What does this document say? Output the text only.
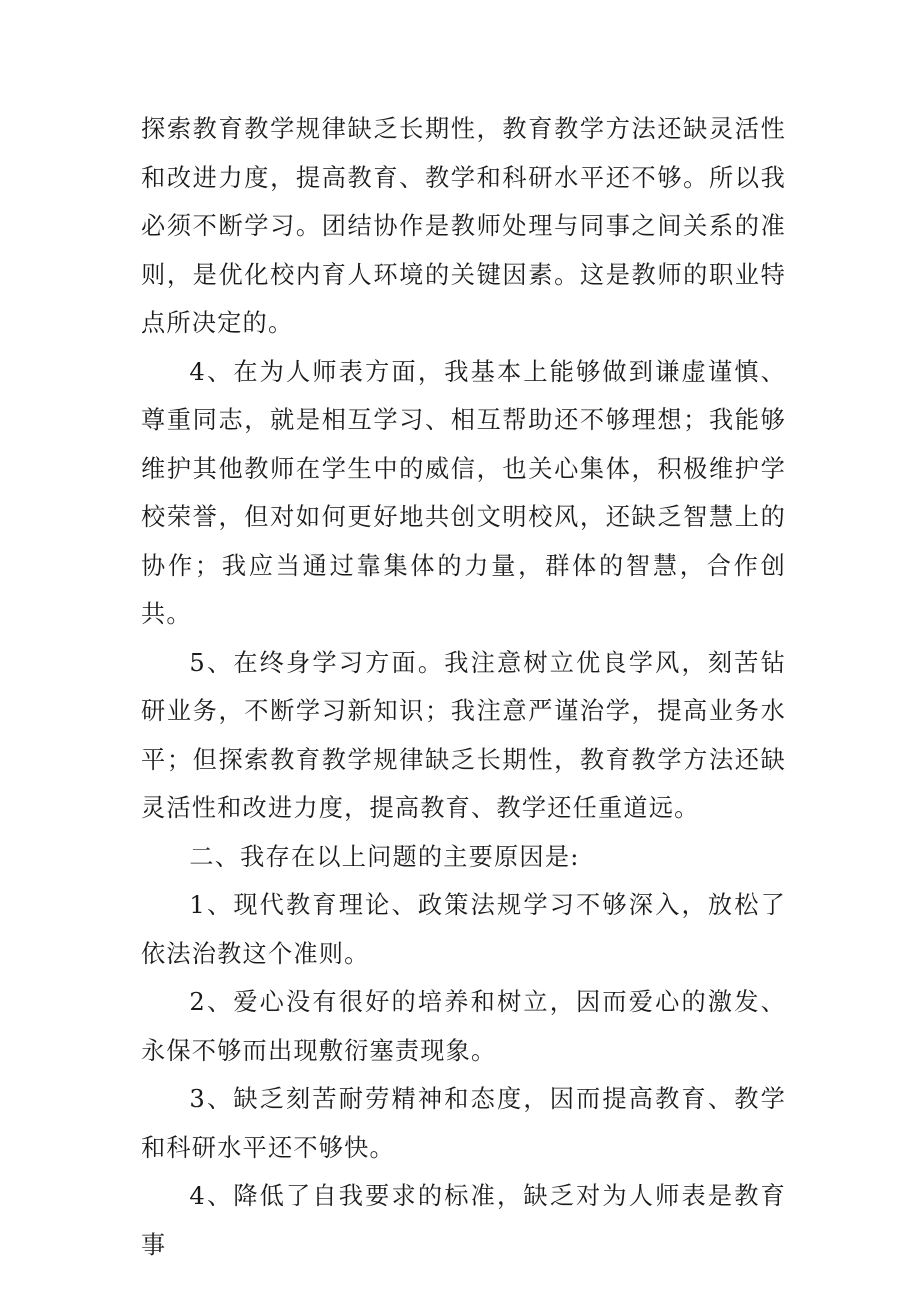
探索教育教学规律缺乏长期性，教育教学方法还缺灵活性和改进力度，提高教育、教学和科研水平还不够。所以我必须不断学习。团结协作是教师处理与同事之间关系的准则，是优化校内育人环境的关键因素。这是教师的职业特点所决定的。

4、在为人师表方面，我基本上能够做到谦虚谨慎、尊重同志，就是相互学习、相互帮助还不够理想；我能够维护其他教师在学生中的威信，也关心集体，积极维护学校荣誉，但对如何更好地共创文明校风，还缺乏智慧上的协作；我应当通过靠集体的力量，群体的智慧，合作创共。

5、在终身学习方面。我注意树立优良学风，刻苦钻研业务，不断学习新知识；我注意严谨治学，提高业务水平；但探索教育教学规律缺乏长期性，教育教学方法还缺灵活性和改进力度，提高教育、教学还任重道远。

二、我存在以上问题的主要原因是:

1、现代教育理论、政策法规学习不够深入，放松了依法治教这个准则。

2、爱心没有很好的培养和树立，因而爱心的激发、永保不够而出现敷衍塞责现象。

3、缺乏刻苦耐劳精神和态度，因而提高教育、教学和科研水平还不够快。

4、降低了自我要求的标准，缺乏对为人师表是教育事
